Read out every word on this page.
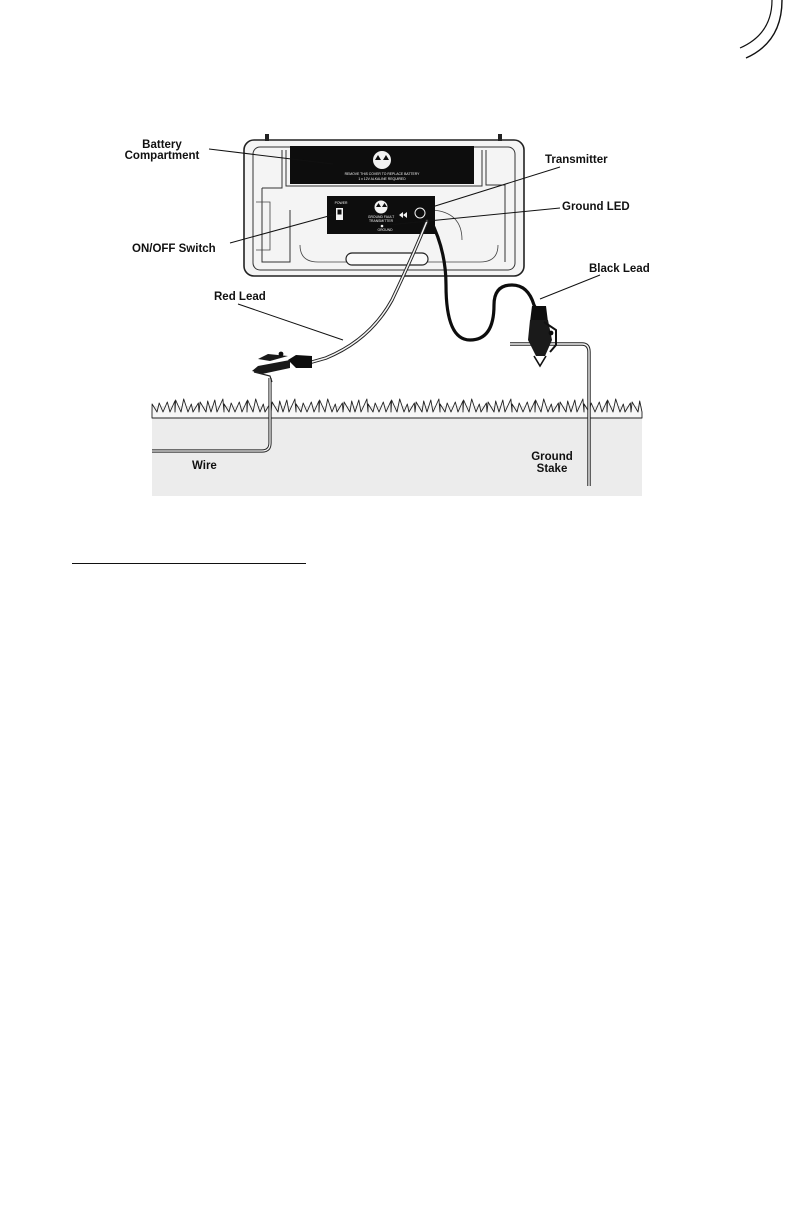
REMOVE THIS COVER TO REPLACE BATTERY
1 x 12V ALKALINE REQUIRED
GROUND FAULT
TRANSMITTER
POWER
GROUND
Battery
Compartment	Transmitter
Ground LED
ON/OFF Switch
Black Lead
Red Lead
Wire
Ground
Stake
